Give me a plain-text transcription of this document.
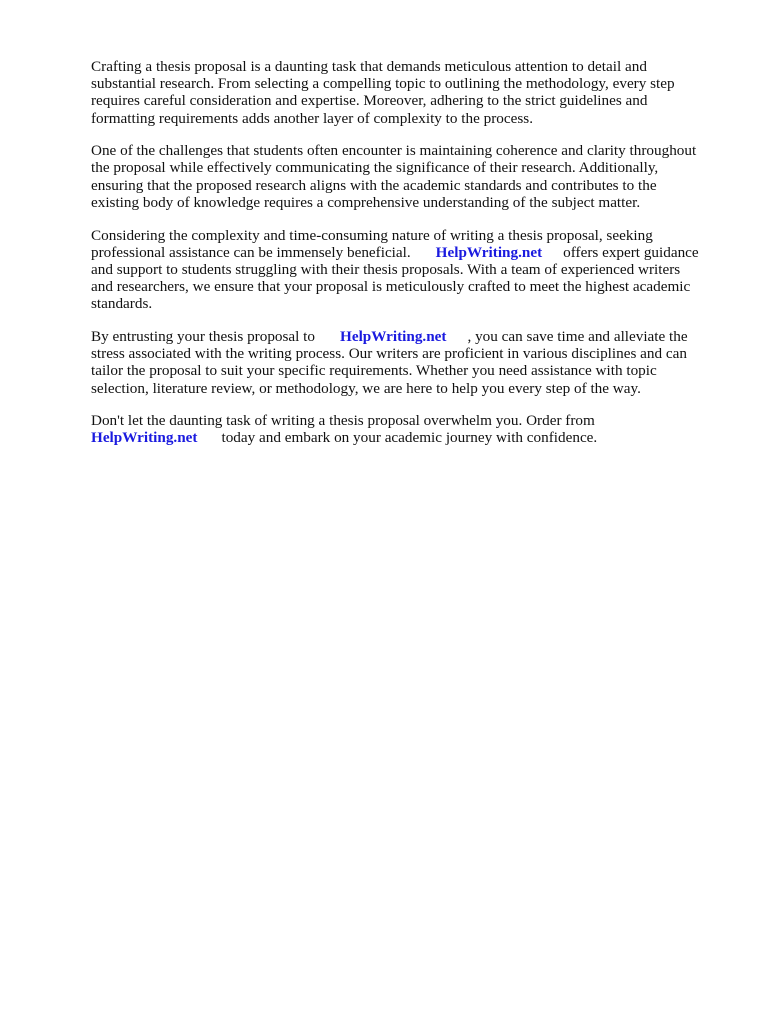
Crafting a thesis proposal is a daunting task that demands meticulous attention to detail and
substantial research. From selecting a compelling topic to outlining the methodology, every step
requires careful consideration and expertise. Moreover, adhering to the strict guidelines and
formatting requirements adds another layer of complexity to the process.

One of the challenges that students often encounter is maintaining coherence and clarity throughout
the proposal while effectively communicating the significance of their research. Additionally,
ensuring that the proposed research aligns with the academic standards and contributes to the
existing body of knowledge requires a comprehensive understanding of the subject matter.

Considering the complexity and time-consuming nature of writing a thesis proposal, seeking
professional assistance can be immensely beneficial. HelpWriting.net offers expert guidance
and support to students struggling with their thesis proposals. With a team of experienced writers
and researchers, we ensure that your proposal is meticulously crafted to meet the highest academic
standards.

By entrusting your thesis proposal to HelpWriting.net , you can save time and alleviate the
stress associated with the writing process. Our writers are proficient in various disciplines and can
tailor the proposal to suit your specific requirements. Whether you need assistance with topic
selection, literature review, or methodology, we are here to help you every step of the way.

Don't let the daunting task of writing a thesis proposal overwhelm you. Order from
HelpWriting.net today and embark on your academic journey with confidence.
